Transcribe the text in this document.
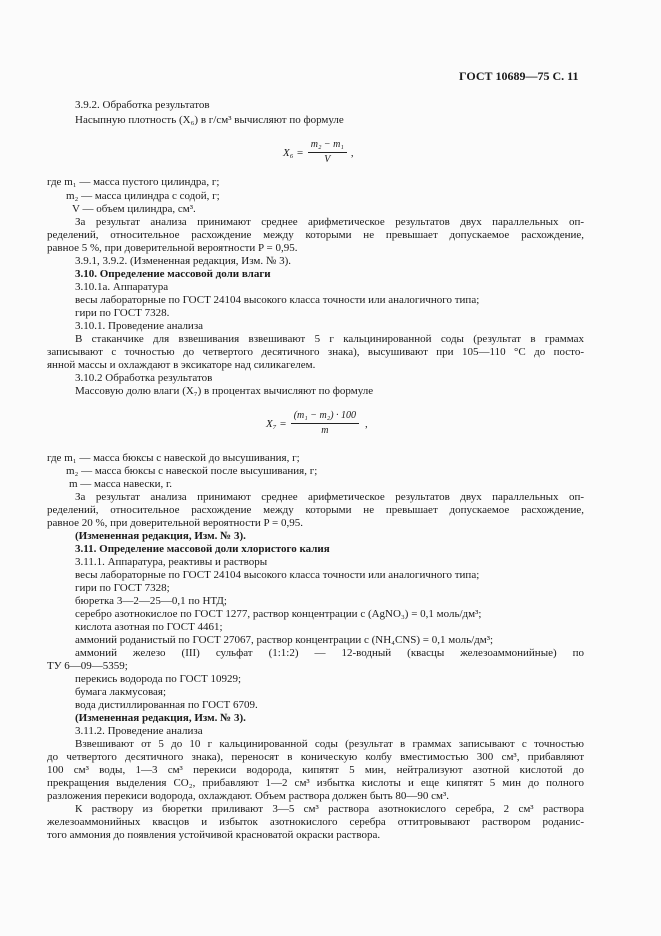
ГОСТ 10689—75 С. 11
3.9.2. Обработка результатов
Насыпную плотность (X₆) в г/см³ вычисляют по формуле
$X_6 = \frac{\text{m₂ − m₁}}{V}$ ,
где m₁ — масса пустого цилиндра, г;
m₂ — масса цилиндра с содой, г;
V — объем цилиндра, см³.
За результат анализа принимают среднее арифметическое результатов двух параллельных оп-
ределений, относительное расхождение между которыми не превышает допускаемое расхождение,
равное 5 %, при доверительной вероятности P = 0,95.
3.9.1, 3.9.2. (Измененная редакция, Изм. № 3).
3.10. Определение массовой доли влаги
3.10.1а. Аппаратура
весы лабораторные по ГОСТ 24104 высокого класса точности или аналогичного типа;
гири по ГОСТ 7328.
3.10.1. Проведение анализа
В стаканчике для взвешивания взвешивают 5 г кальцинированной соды (результат в граммах
записывают с точностью до четвертого десятичного знака), высушивают при 105—110 °С до посто-
янной массы и охлаждают в эксикаторе над силикагелем.
3.10.2 Обработка результатов
Массовую долю влаги (X₇) в процентах вычисляют по формуле
$X_7 = \frac{\text{(m₁ − m₂) · 100}}{m}$ ,
где m₁ — масса бюксы с навеской до высушивания, г;
m₂ — масса бюксы с навеской после высушивания, г;
m — масса навески, г.
За результат анализа принимают среднее арифметическое результатов двух параллельных оп-
ределений, относительное расхождение между которыми не превышает допускаемое расхождение,
равное 20 %, при доверительной вероятности P = 0,95.
(Измененная редакция, Изм. № 3).
3.11. Определение массовой доли хлористого калия
3.11.1. Аппаратура, реактивы и растворы
весы лабораторные по ГОСТ 24104 высокого класса точности или аналогичного типа;
гири по ГОСТ 7328;
бюретка 3—2—25—0,1 по НТД;
серебро азотнокислое по ГОСТ 1277, раствор концентрации c (AgNO₃) = 0,1 моль/дм³;
кислота азотная по ГОСТ 4461;
аммоний роданистый по ГОСТ 27067, раствор концентрации c (NH₄CNS) = 0,1 моль/дм³;
аммоний железо (III) сульфат (1:1:2) — 12-водный (квасцы железоаммонийные) по
ТУ 6—09—5359;
перекись водорода по ГОСТ 10929;
бумага лакмусовая;
вода дистиллированная по ГОСТ 6709.
(Измененная редакция, Изм. № 3).
3.11.2. Проведение анализа
Взвешивают от 5 до 10 г кальцинированной соды (результат в граммах записывают с точностью
до четвертого десятичного знака), переносят в коническую колбу вместимостью 300 см³, прибавляют
100 см³ воды, 1—3 см³ перекиси водорода, кипятят 5 мин, нейтрализуют азотной кислотой до
прекращения выделения CO₂, прибавляют 1—2 см³ избытка кислоты и еще кипятят 5 мин до полного
разложения перекиси водорода, охлаждают. Объем раствора должен быть 80—90 см³.
К раствору из бюретки приливают 3—5 см³ раствора азотнокислого серебра, 2 см³ раствора
железоаммонийных квасцов и избыток азотнокислого серебра оттитровывают раствором роданис-
того аммония до появления устойчивой красноватой окраски раствора.
